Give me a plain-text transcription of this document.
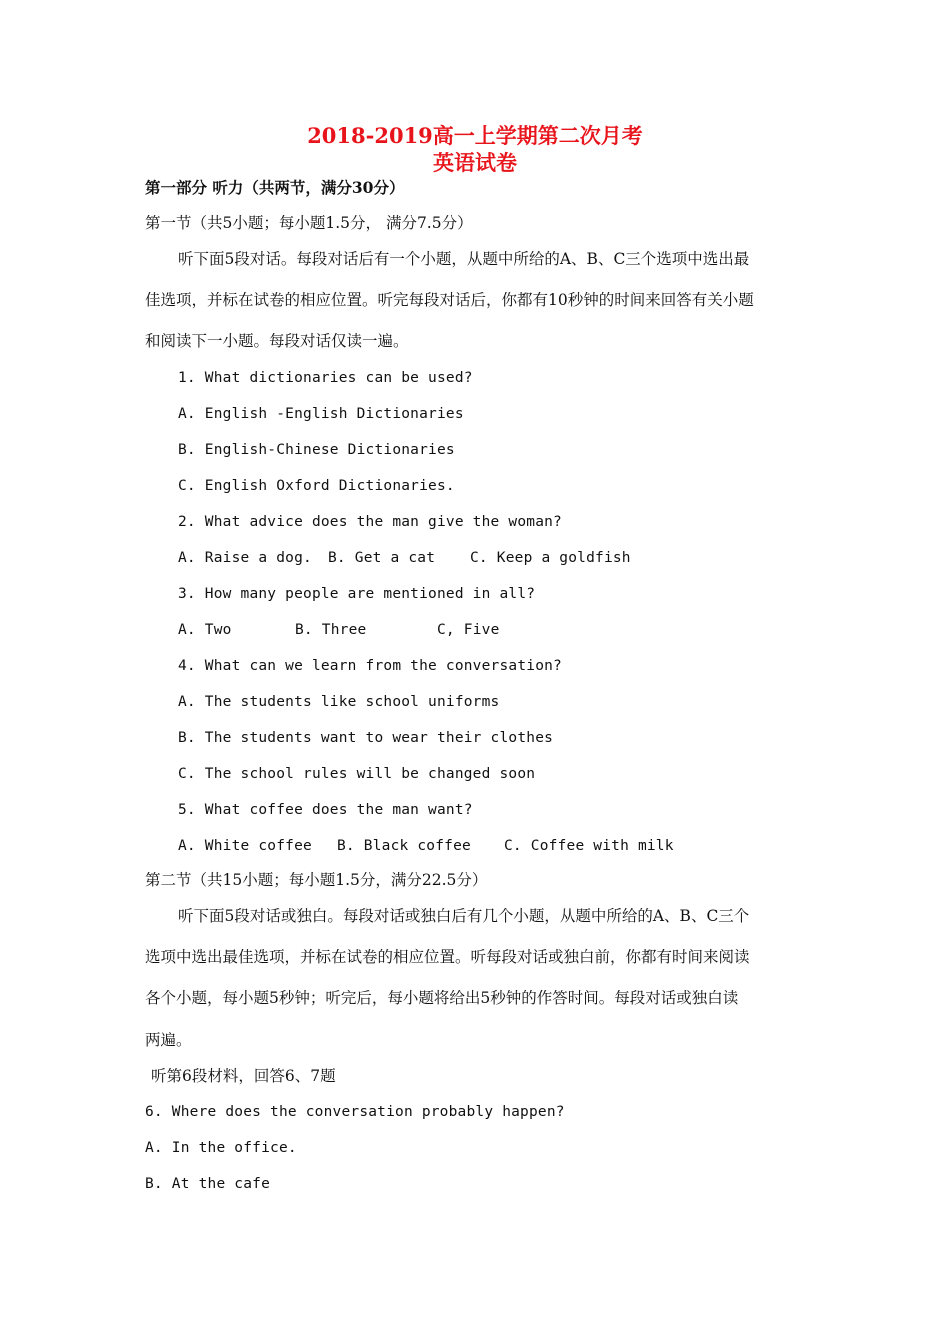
2018-2019高一上学期第二次月考
英语试卷
第一部分 听力（共两节，满分30分）
第一节（共5小题；每小题1.5分， 满分7.5分）
听下面5段对话。每段对话后有一个小题，从题中所给的A、B、C三个选项中选出最
佳选项，并标在试卷的相应位置。听完每段对话后，你都有10秒钟的时间来回答有关小题
和阅读下一小题。每段对话仅读一遍。
1. What dictionaries can be used?
A. English -English Dictionaries
B. English-Chinese Dictionaries
C. English Oxford Dictionaries.
2. What advice does the man give the woman?
A. Raise a dog. B. Get a cat C. Keep a goldfish
3. How many people are mentioned in all?
A. Two	B. Three	C, Five
4. What can we learn from the conversation?
A. The students like school uniforms
B. The students want to wear their clothes
C. The school rules will be changed soon
5. What coffee does the man want?
A. White coffee B. Black coffee C. Coffee with milk
第二节（共15小题；每小题1.5分，满分22.5分）
听下面5段对话或独白。每段对话或独白后有几个小题，从题中所给的A、B、C三个
选项中选出最佳选项，并标在试卷的相应位置。听每段对话或独白前，你都有时间来阅读
各个小题，每小题5秒钟；听完后，每小题将给出5秒钟的作答时间。每段对话或独白读
两遍。
听第6段材料，回答6、7题
6. Where does the conversation probably happen?
A. In the office.
B. At the cafe
